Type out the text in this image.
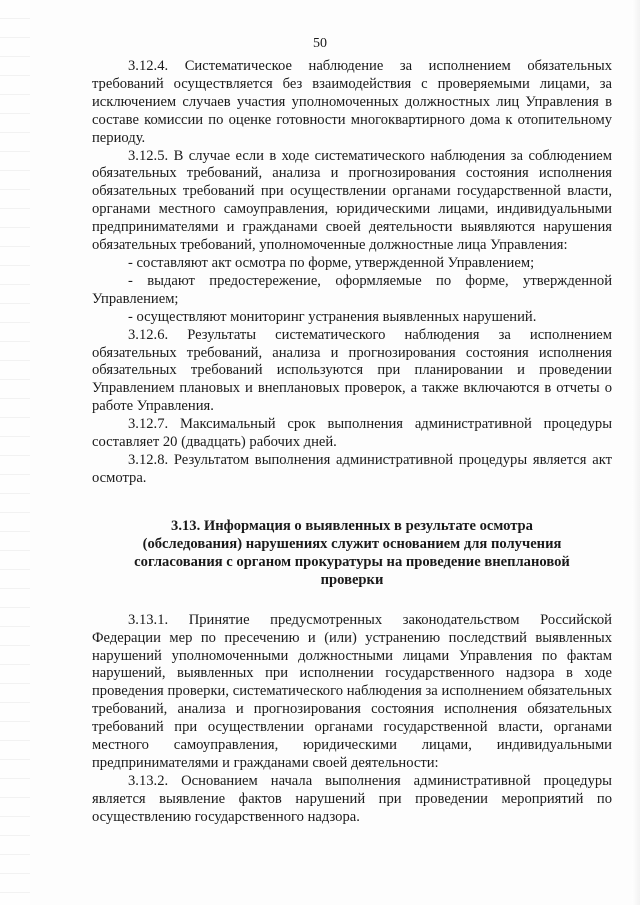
50

3.12.4. Систематическое наблюдение за исполнением обязательных требований осуществляется без взаимодействия с проверяемыми лицами, за исключением случаев участия уполномоченных должностных лиц Управления в составе комиссии по оценке готовности многоквартирного дома к отопительному периоду.

3.12.5. В случае если в ходе систематического наблюдения за соблюдением обязательных требований, анализа и прогнозирования состояния исполнения обязательных требований при осуществлении органами государственной власти, органами местного самоуправления, юридическими лицами, индивидуальными предпринимателями и гражданами своей деятельности выявляются нарушения обязательных требований, уполномоченные должностные лица Управления:

- составляют акт осмотра по форме, утвержденной Управлением;

- выдают предостережение, оформляемые по форме, утвержденной Управлением;

- осуществляют мониторинг устранения выявленных нарушений.

3.12.6. Результаты систематического наблюдения за исполнением обязательных требований, анализа и прогнозирования состояния исполнения обязательных требований используются при планировании и проведении Управлением плановых и внеплановых проверок, а также включаются в отчеты о работе Управления.

3.12.7. Максимальный срок выполнения административной процедуры составляет 20 (двадцать) рабочих дней.

3.12.8. Результатом выполнения административной процедуры является акт осмотра.

3.13. Информация о выявленных в результате осмотра (обследования) нарушениях служит основанием для получения согласования с органом прокуратуры на проведение внеплановой проверки

3.13.1. Принятие предусмотренных законодательством Российской Федерации мер по пресечению и (или) устранению последствий выявленных нарушений уполномоченными должностными лицами Управления по фактам нарушений, выявленных при исполнении государственного надзора в ходе проведения проверки, систематического наблюдения за исполнением обязательных требований, анализа и прогнозирования состояния исполнения обязательных требований при осуществлении органами государственной власти, органами местного самоуправления, юридическими лицами, индивидуальными предпринимателями и гражданами своей деятельности:

3.13.2. Основанием начала выполнения административной процедуры является выявление фактов нарушений при проведении мероприятий по осуществлению государственного надзора.
